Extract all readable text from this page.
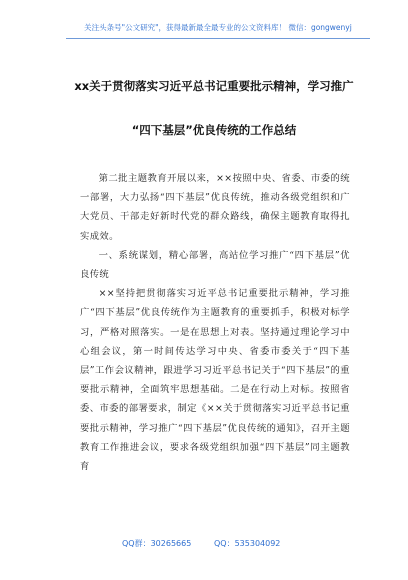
关注头条号"公文研究"，获得最新最全最专业的公文资料库！ 微信：gongwenyj
xx关于贯彻落实习近平总书记重要批示精神，学习推广
“四下基层”优良传统的工作总结

第二批主题教育开展以来，××按照中央、省委、市委的统一部署，大力弘扬“四下基层”优良传统，推动各级党组织和广大党员、干部走好新时代党的群众路线，确保主题教育取得扎实成效。

一、系统谋划，精心部署，高站位学习推广“四下基层”优良传统

××坚持把贯彻落实习近平总书记重要批示精神，学习推广“四下基层”优良传统作为主题教育的重要抓手，积极对标学习，严格对照落实。一是在思想上对表。坚持通过理论学习中心组会议，第一时间传达学习中央、省委市委关于“四下基层”工作会议精神，跟进学习习近平总书记关于“四下基层”的重要批示精神，全面筑牢思想基础。二是在行动上对标。按照省委、市委的部署要求，制定《××关于贯彻落实习近平总书记重要批示精神，学习推广“四下基层”优良传统的通知》，召开主题教育工作推进会议，要求各级党组织加强“四下基层”同主题教育

QQ群：30265665	QQ：535304092
